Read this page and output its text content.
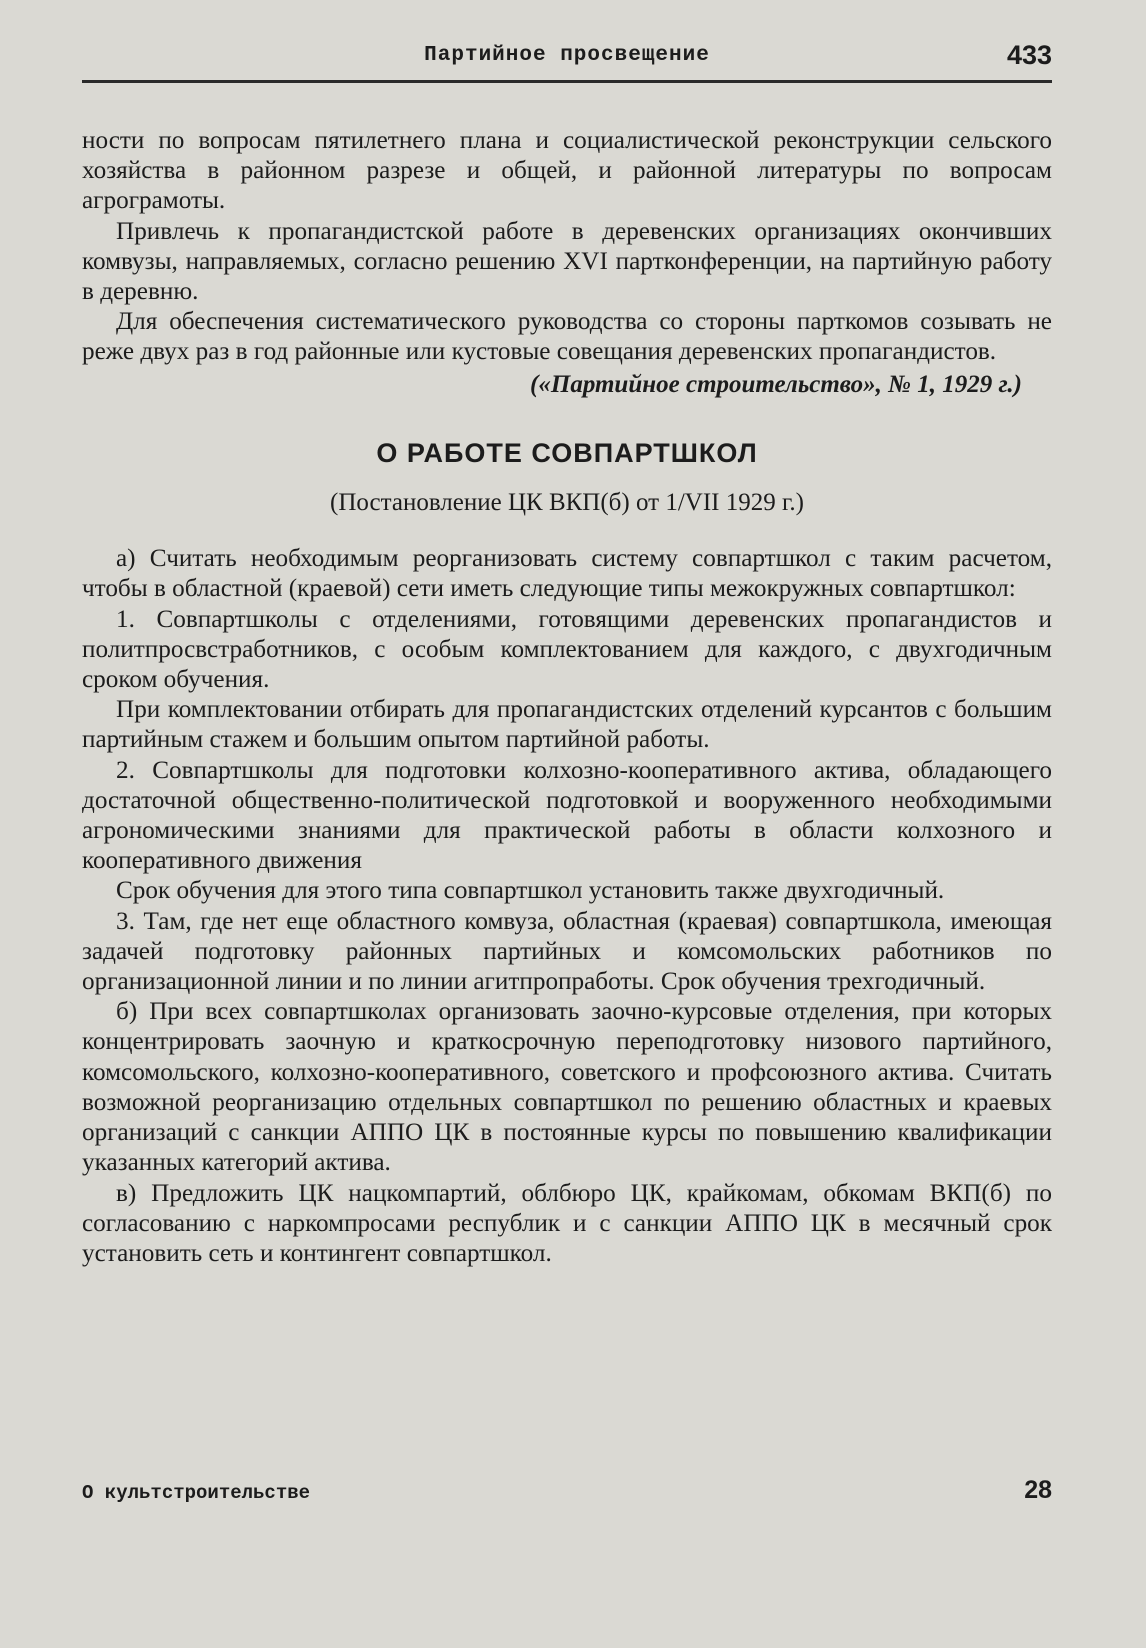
Партийное просвещение	433

ности по вопросам пятилетнего плана и социалистической реконструкции сельского хозяйства в районном разрезе и общей, и районной литературы по вопросам агрограмоты.

Привлечь к пропагандистской работе в деревенских организациях окончивших комвузы, направляемых, согласно решению XVI партконференции, на партийную работу в деревню.

Для обеспечения систематического руководства со стороны парткомов созывать не реже двух раз в год районные или кустовые совещания деревенских пропагандистов.

(«Партийное строительство», № 1, 1929 г.)

О РАБОТЕ СОВПАРТШКОЛ

(Постановление ЦК ВКП(б) от 1/VII 1929 г.)

а) Считать необходимым реорганизовать систему совпартшкол с таким расчетом, чтобы в областной (краевой) сети иметь следующие типы межокружных совпартшкол:

1. Совпартшколы с отделениями, готовящими деревенских пропагандистов и политпросвстработников, с особым комплектованием для каждого, с двухгодичным сроком обучения.

При комплектовании отбирать для пропагандистских отделений курсантов с большим партийным стажем и большим опытом партийной работы.

2. Совпартшколы для подготовки колхозно-кооперативного актива, обладающего достаточной общественно-политической подготовкой и вооруженного необходимыми агрономическими знаниями для практической работы в области колхозного и кооперативного движения

Срок обучения для этого типа совпартшкол установить также двухгодичный.

3. Там, где нет еще областного комвуза, областная (краевая) совпартшкола, имеющая задачей подготовку районных партийных и комсомольских работников по организационной линии и по линии агитпропработы. Срок обучения трехгодичный.

б) При всех совпартшколах организовать заочно-курсовые отделения, при которых концентрировать заочную и краткосрочную переподготовку низового партийного, комсомольского, колхозно-кооперативного, советского и профсоюзного актива. Считать возможной реорганизацию отдельных совпартшкол по решению областных и краевых организаций с санкции АППО ЦК в постоянные курсы по повышению квалификации указанных категорий актива.

в) Предложить ЦК нацкомпартий, облбюро ЦК, крайкомам, обкомам ВКП(б) по согласованию с наркомпросами республик и с санкции АППО ЦК в месячный срок установить сеть и контингент совпартшкол.

О культстроительстве	28
